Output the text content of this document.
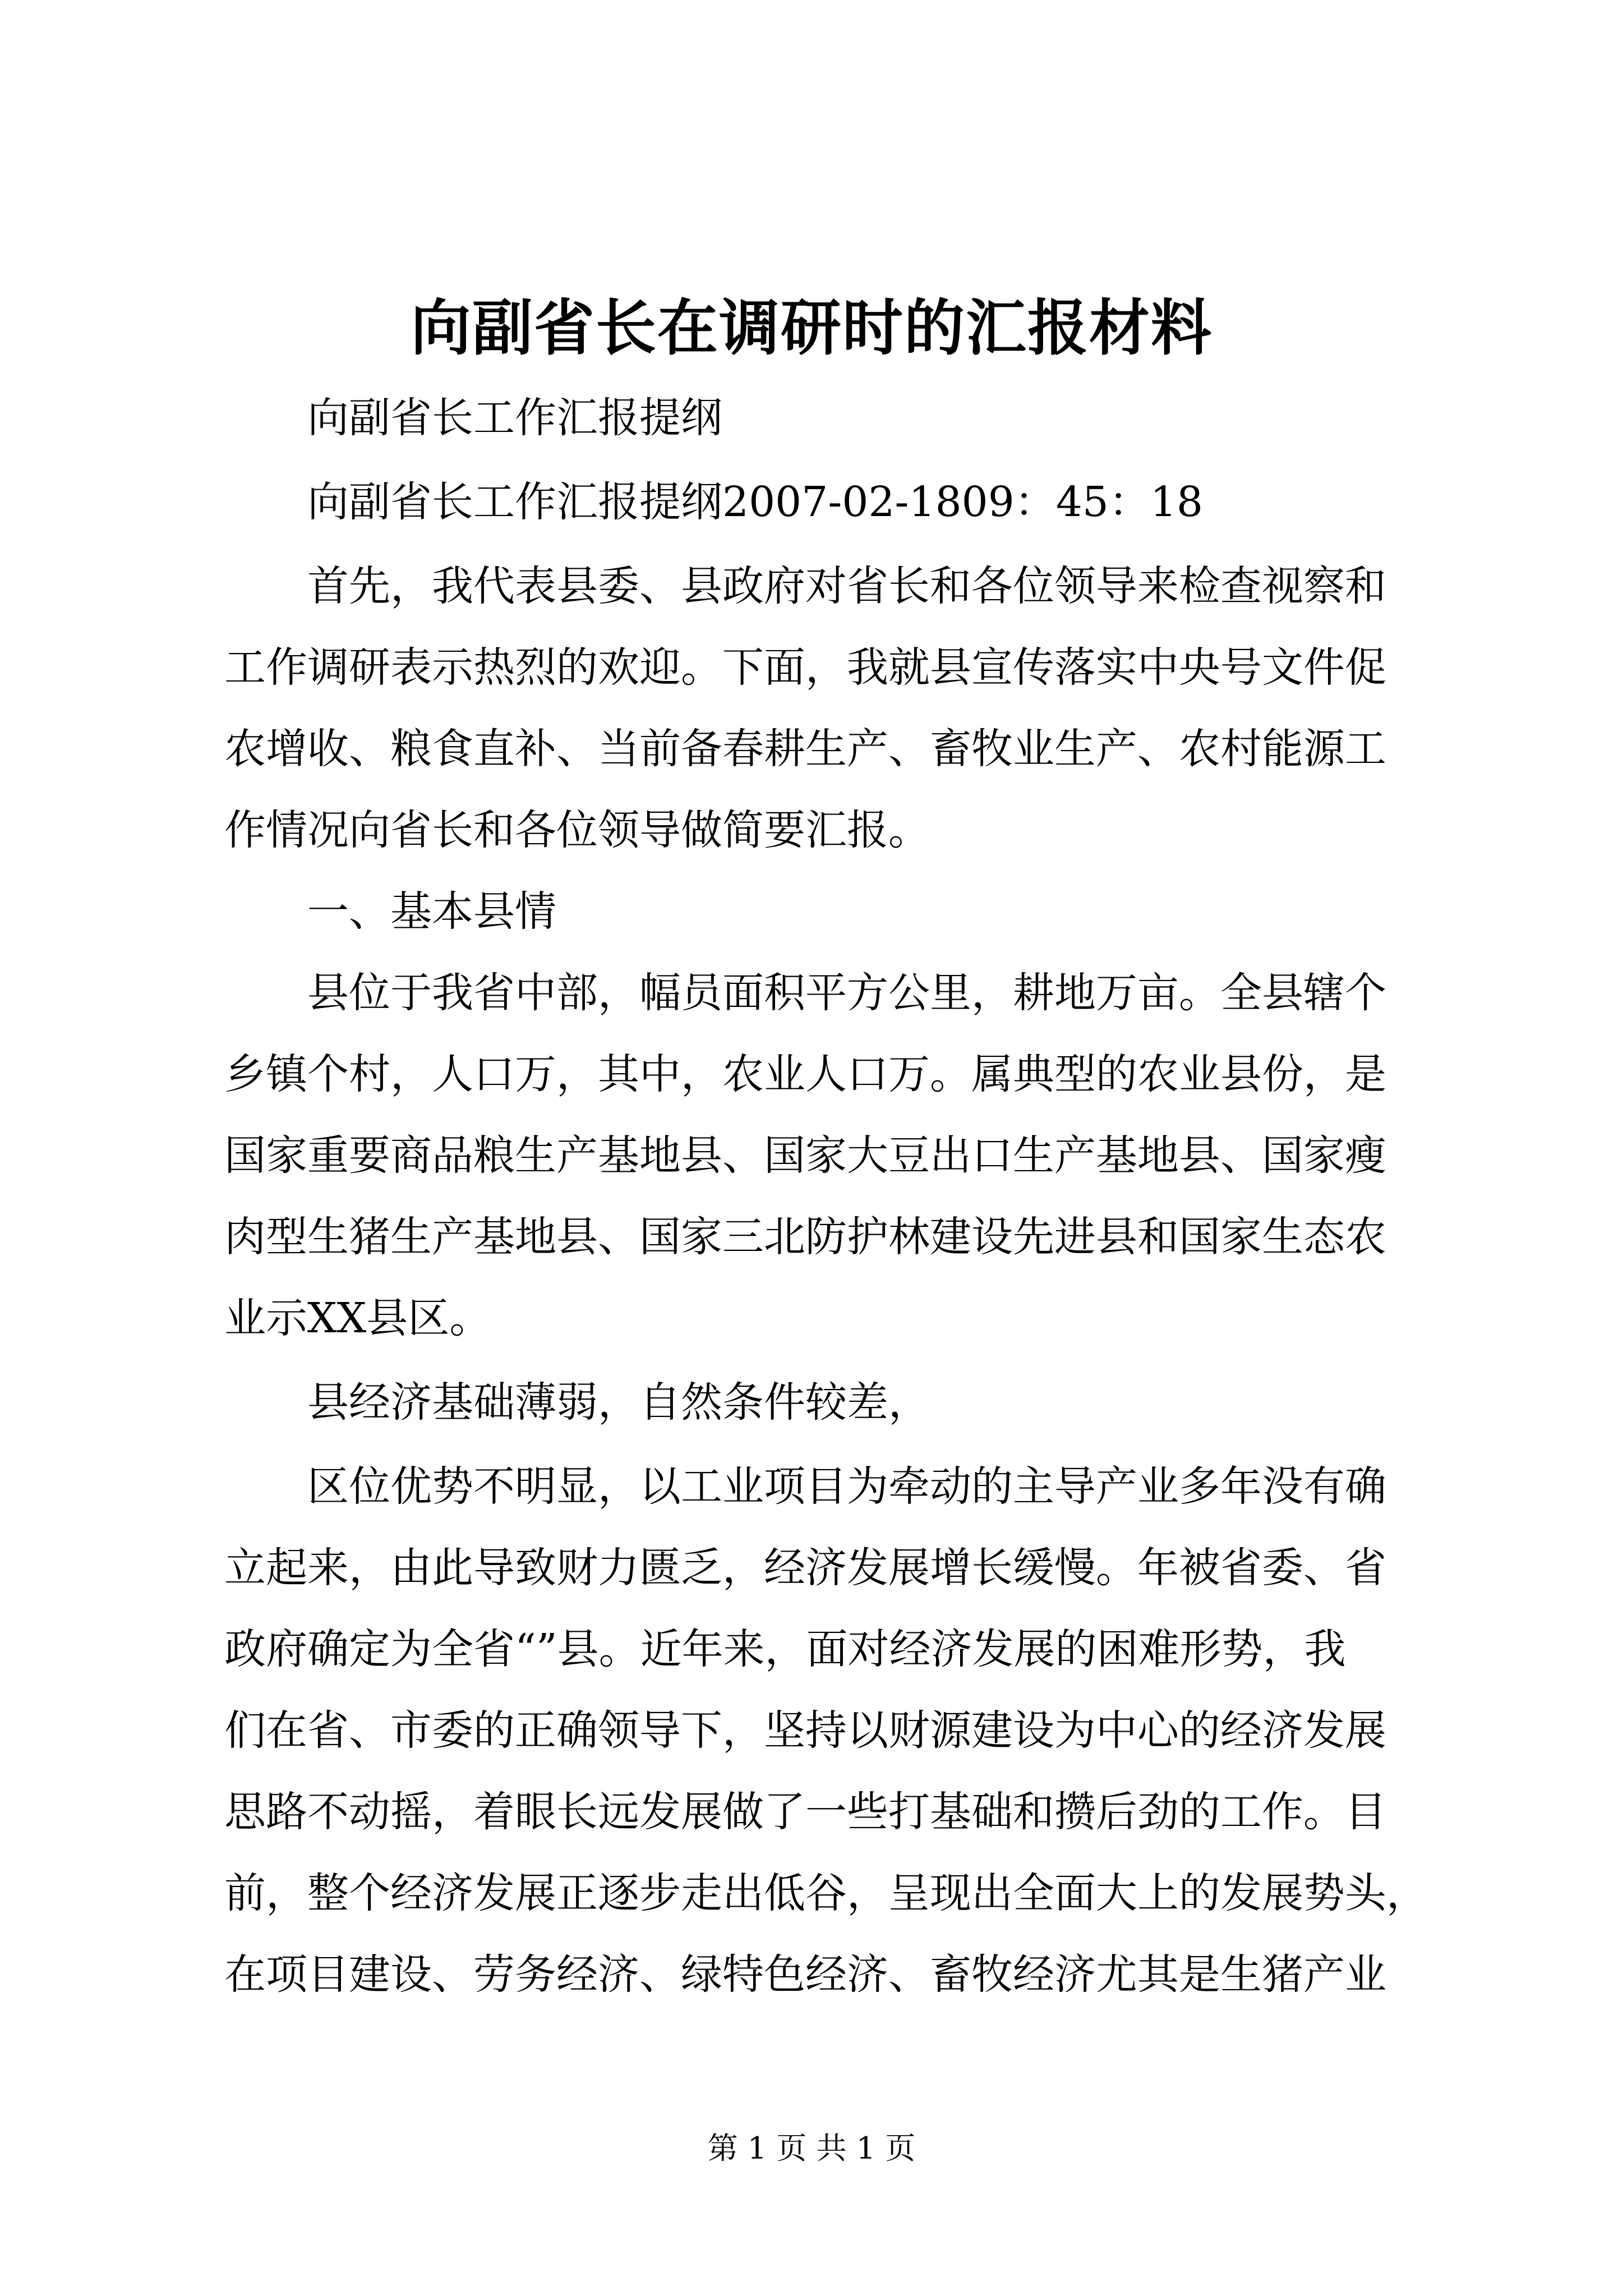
向副省长在调研时的汇报材料
向副省长工作汇报提纲
向副省长工作汇报提纲2007-02-1809：45：18
首先，我代表县委、县政府对省长和各位领导来检查视察和
工作调研表示热烈的欢迎。下面，我就县宣传落实中央号文件促
农增收、粮食直补、当前备春耕生产、畜牧业生产、农村能源工
作情况向省长和各位领导做简要汇报。
一、基本县情
县位于我省中部，幅员面积平方公里，耕地万亩。全县辖个
乡镇个村，人口万，其中，农业人口万。属典型的农业县份，是
国家重要商品粮生产基地县、国家大豆出口生产基地县、国家瘦
肉型生猪生产基地县、国家三北防护林建设先进县和国家生态农
业示XX县区。
县经济基础薄弱，自然条件较差，
区位优势不明显，以工业项目为牵动的主导产业多年没有确
立起来，由此导致财力匮乏，经济发展增长缓慢。年被省委、省
政府确定为全省“”县。近年来，面对经济发展的困难形势，我
们在省、市委的正确领导下，坚持以财源建设为中心的经济发展
思路不动摇，着眼长远发展做了一些打基础和攒后劲的工作。目
前，整个经济发展正逐步走出低谷，呈现出全面大上的发展势头，
在项目建设、劳务经济、绿特色经济、畜牧经济尤其是生猪产业
第 1 页 共 1 页
